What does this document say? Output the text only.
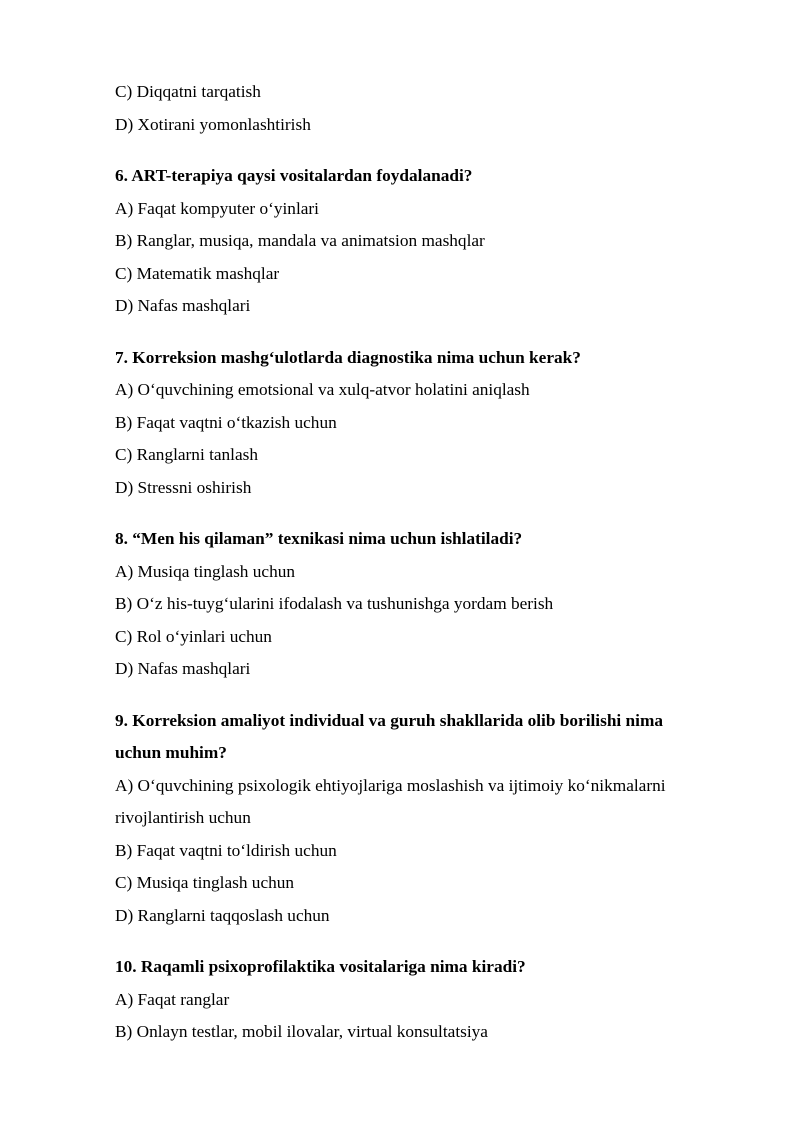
C) Diqqatni tarqatish
D) Xotirani yomonlashtirish
6. ART-terapiya qaysi vositalardan foydalanadi?
A) Faqat kompyuter o‘yinlari
B) Ranglar, musiqa, mandala va animatsion mashqlar
C) Matematik mashqlar
D) Nafas mashqlari
7. Korreksion mashg‘ulotlarda diagnostika nima uchun kerak?
A) O‘quvchining emotsional va xulq-atvor holatini aniqlash
B) Faqat vaqtni o‘tkazish uchun
C) Ranglarni tanlash
D) Stressni oshirish
8. “Men his qilaman” texnikasi nima uchun ishlatiladi?
A) Musiqa tinglash uchun
B) O‘z his-tuyg‘ularini ifodalash va tushunishga yordam berish
C) Rol o‘yinlari uchun
D) Nafas mashqlari
9. Korreksion amaliyot individual va guruh shakllarida olib borilishi nima
uchun muhim?
A) O‘quvchining psixologik ehtiyojlariga moslashish va ijtimoiy ko‘nikmalarni
rivojlantirish uchun
B) Faqat vaqtni to‘ldirish uchun
C) Musiqa tinglash uchun
D) Ranglarni taqqoslash uchun
10. Raqamli psixoprofilaktika vositalariga nima kiradi?
A) Faqat ranglar
B) Onlayn testlar, mobil ilovalar, virtual konsultatsiya
